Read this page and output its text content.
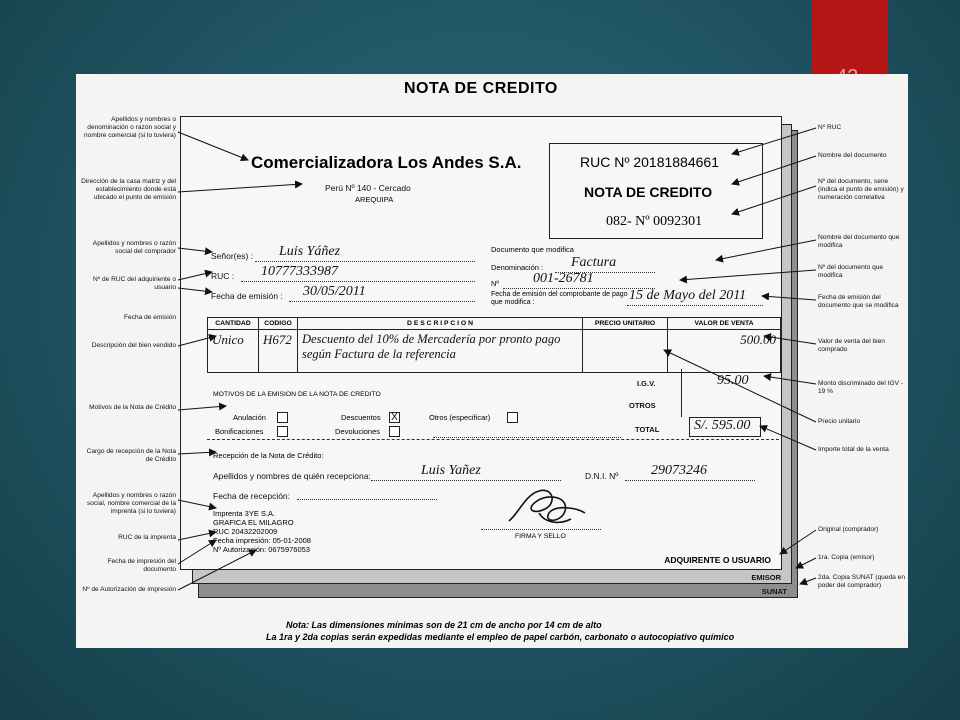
NOTA DE CREDITO
SUNAT
EMISOR
Comercializadora Los Andes S.A.
Perú Nº 140 - Cercado
AREQUIPA
RUC Nº 20181884661
NOTA DE CREDITO
082- Nº 0092301
Señor(es) : Luis Yáñez
RUC : 10777333987
Fecha de emisión : 30/05/2011
Documento que modifica
Denominación : Factura
Nº 001-26781
Fecha de emisión del comprobante de pago que modifica :	15 de Mayo del 2011
CANTIDAD	CODIGO	D E S C R I P C I O N	PRECIO UNITARIO	VALOR DE VENTA
Unico	H672	Descuento del 10% de Mercadería por pronto pago según Factura de la referencia		500.00
I.G.V.	95.00
OTROS
TOTAL S/. 595.00
MOTIVOS DE LA EMISION DE LA NOTA DE CREDITO
Anulación
Bonificaciones
Descuentos X
Devoluciones
Otros (especificar)
Recepción de la Nota de Crédito:
Apellidos y nombres de quién recepciona:	Luis Yañez	D.N.I. Nº 29073246
Fecha de recepción:
Imprenta 3YE S.A.
GRAFICA EL MILAGRO
RUC 20432202009
Fecha impresión: 05-01-2008
Nº Autorización: 0675976053
FIRMA Y SELLO
ADQUIRENTE O USUARIO
Apellidos y nombres o denominación o razón social y nombre comercial (si lo tuviera)
Dirección de la casa matriz y del establecimiento donde está ubicado el punto de emisión
Apellidos y nombres o razón social del comprador
Nº de RUC del adquiriente o usuario
Fecha de emisión
Descripción del bien vendido
Motivos de la Nota de Crédito
Cargo de recepción de la Nota de Crédito
Apellidos y nombres o razón social, nombre comercial de la imprenta (si lo tuviera)
RUC de la imprenta
Fecha de impresión del documento
Nº de Autorización de impresión
Nº RUC
Nombre del documento
Nº del documento, serie (indica el punto de emisión) y numeración correlativa
Nombre del documento que modifica
Nº del documento que modifica
Fecha de emisión del documento que se modifica
Valor de venta del bien comprado
Monto discriminado del IGV - 19 %
Precio unitario
Importe total de la venta
Original (comprador)
1ra. Copia (emisor)
2da. Copia SUNAT (queda en poder del comprador)
Nota: Las dimensiones mínimas son de 21 cm de ancho por 14 cm de alto
La 1ra y 2da copias serán expedidas mediante el empleo de papel carbón, carbonato o autocopiativo químico
